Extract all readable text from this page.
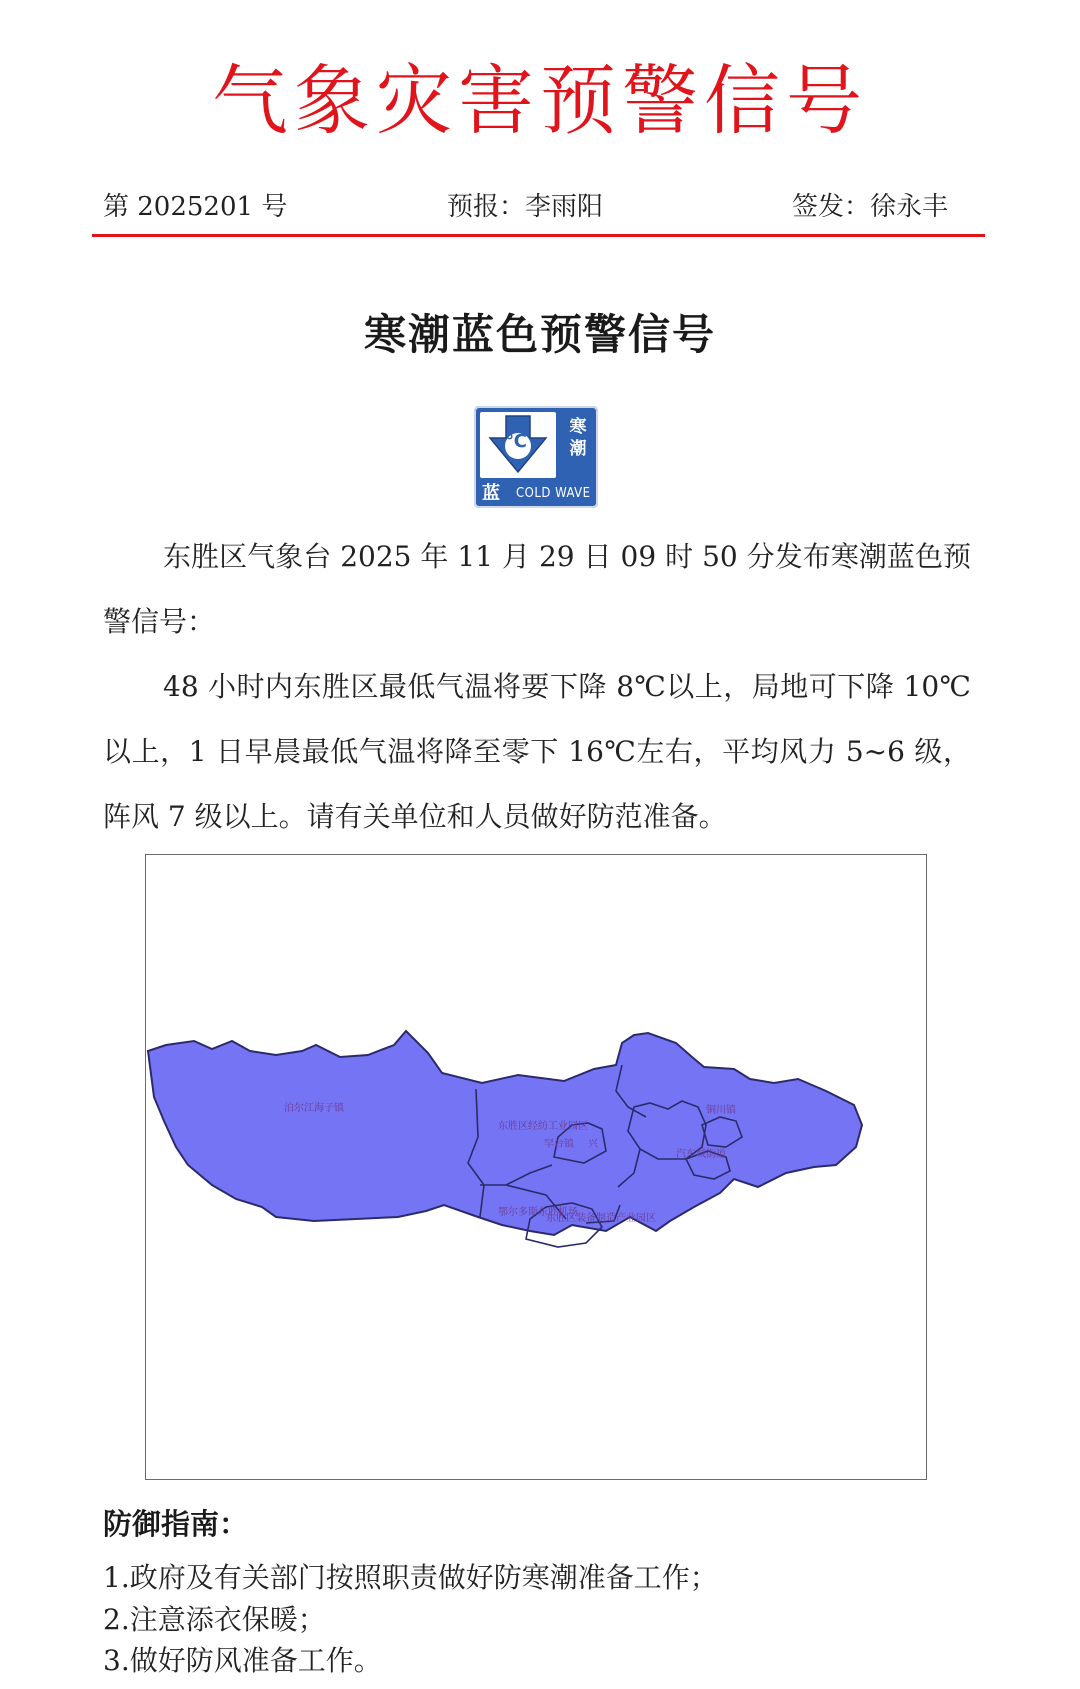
气象灾害预警信号
第 2025201 号	预报：李雨阳	签发：徐永丰
寒潮蓝色预警信号
℃
寒
潮
蓝 COLD WAVE

东胜区气象台 2025 年 11 月 29 日 09 时 50 分发布寒潮蓝色预警信号：

48 小时内东胜区最低气温将要下降 8℃以上，局地可下降 10℃以上，1 日早晨最低气温将降至零下 16℃左右，平均风力 5~6 级，阵风 7 级以上。请有关单位和人员做好防范准备。

泊尔江海子镇
东胜区经纺工业园区
罕台镇 兴
铜川镇
汽车城街道
鄂尔多斯东胜机场
东胜区装备制造产业园区
防御指南：
1.政府及有关部门按照职责做好防寒潮准备工作；
2.注意添衣保暖；
3.做好防风准备工作。
